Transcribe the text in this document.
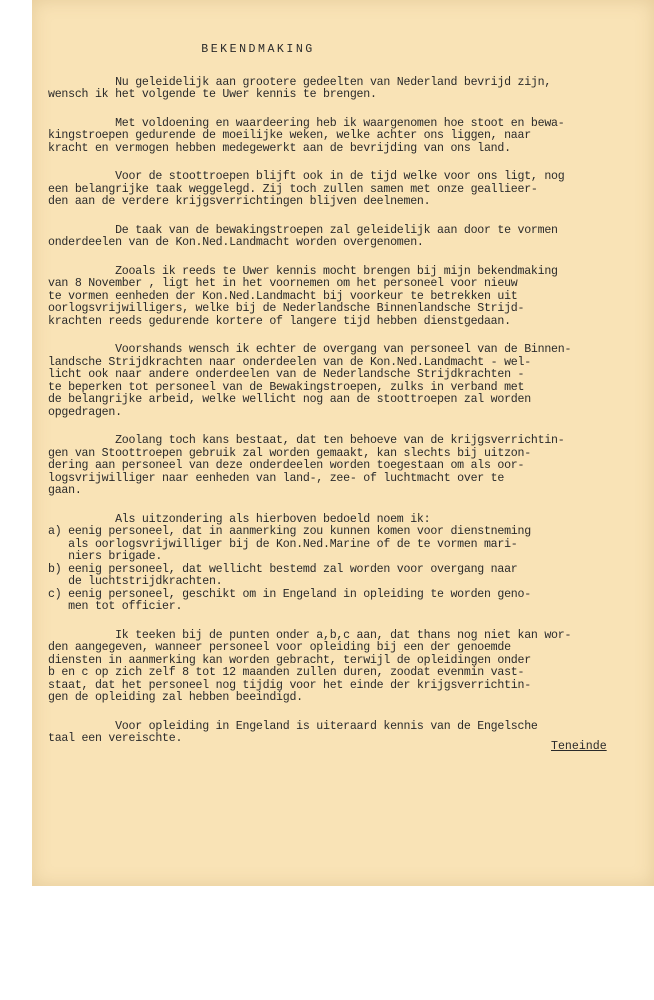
BEKENDMAKING
Nu geleidelijk aan grootere gedeelten van Nederland bevrijd zijn,
wensch ik het volgende te Uwer kennis te brengen.
Met voldoening en waardeering heb ik waargenomen hoe stoot en bewa-
kingstroepen gedurende de moeilijke weken, welke achter ons liggen, naar
kracht en vermogen hebben medegewerkt aan de bevrijding van ons land.
Voor de stoottroepen blijft ook in de tijd welke voor ons ligt, nog
een belangrijke taak weggelegd. Zij toch zullen samen met onze geallieer-
den aan de verdere krijgsverrichtingen blijven deelnemen.
De taak van de bewakingstroepen zal geleidelijk aan door te vormen
onderdeelen van de Kon.Ned.Landmacht worden overgenomen.
Zooals ik reeds te Uwer kennis mocht brengen bij mijn bekendmaking
van 8 November , ligt het in het voornemen om het personeel voor nieuw
te vormen eenheden der Kon.Ned.Landmacht bij voorkeur te betrekken uit
oorlogsvrijwilligers, welke bij de Nederlandsche Binnenlandsche Strijd-
krachten reeds gedurende kortere of langere tijd hebben dienstgedaan.
Voorshands wensch ik echter de overgang van personeel van de Binnen-
landsche Strijdkrachten naar onderdeelen van de Kon.Ned.Landmacht - wel-
licht ook naar andere onderdeelen van de Nederlandsche Strijdkrachten -
te beperken tot personeel van de Bewakingstroepen, zulks in verband met
de belangrijke arbeid, welke wellicht nog aan de stoottroepen zal worden
opgedragen.
Zoolang toch kans bestaat, dat ten behoeve van de krijgsverrichtin-
gen van Stoottroepen gebruik zal worden gemaakt, kan slechts bij uitzon-
dering aan personeel van deze onderdeelen worden toegestaan om als oor-
logsvrijwilliger naar eenheden van land-, zee- of luchtmacht over te
gaan.
Als uitzondering als hierboven bedoeld noem ik:
a) eenig personeel, dat in aanmerking zou kunnen komen voor dienstneming
als oorlogsvrijwilliger bij de Kon.Ned.Marine of de te vormen mari-
niers brigade.
b) eenig personeel, dat wellicht bestemd zal worden voor overgang naar
de luchtstrijdkrachten.
c) eenig personeel, geschikt om in Engeland in opleiding te worden geno-
men tot officier.
Ik teeken bij de punten onder a,b,c aan, dat thans nog niet kan wor-
den aangegeven, wanneer personeel voor opleiding bij een der genoemde
diensten in aanmerking kan worden gebracht, terwijl de opleidingen onder
b en c op zich zelf 8 tot 12 maanden zullen duren, zoodat evenmin vast-
staat, dat het personeel nog tijdig voor het einde der krijgsverrichtin-
gen de opleiding zal hebben beeindigd.
Voor opleiding in Engeland is uiteraard kennis van de Engelsche
taal een vereischte.
Teneinde
